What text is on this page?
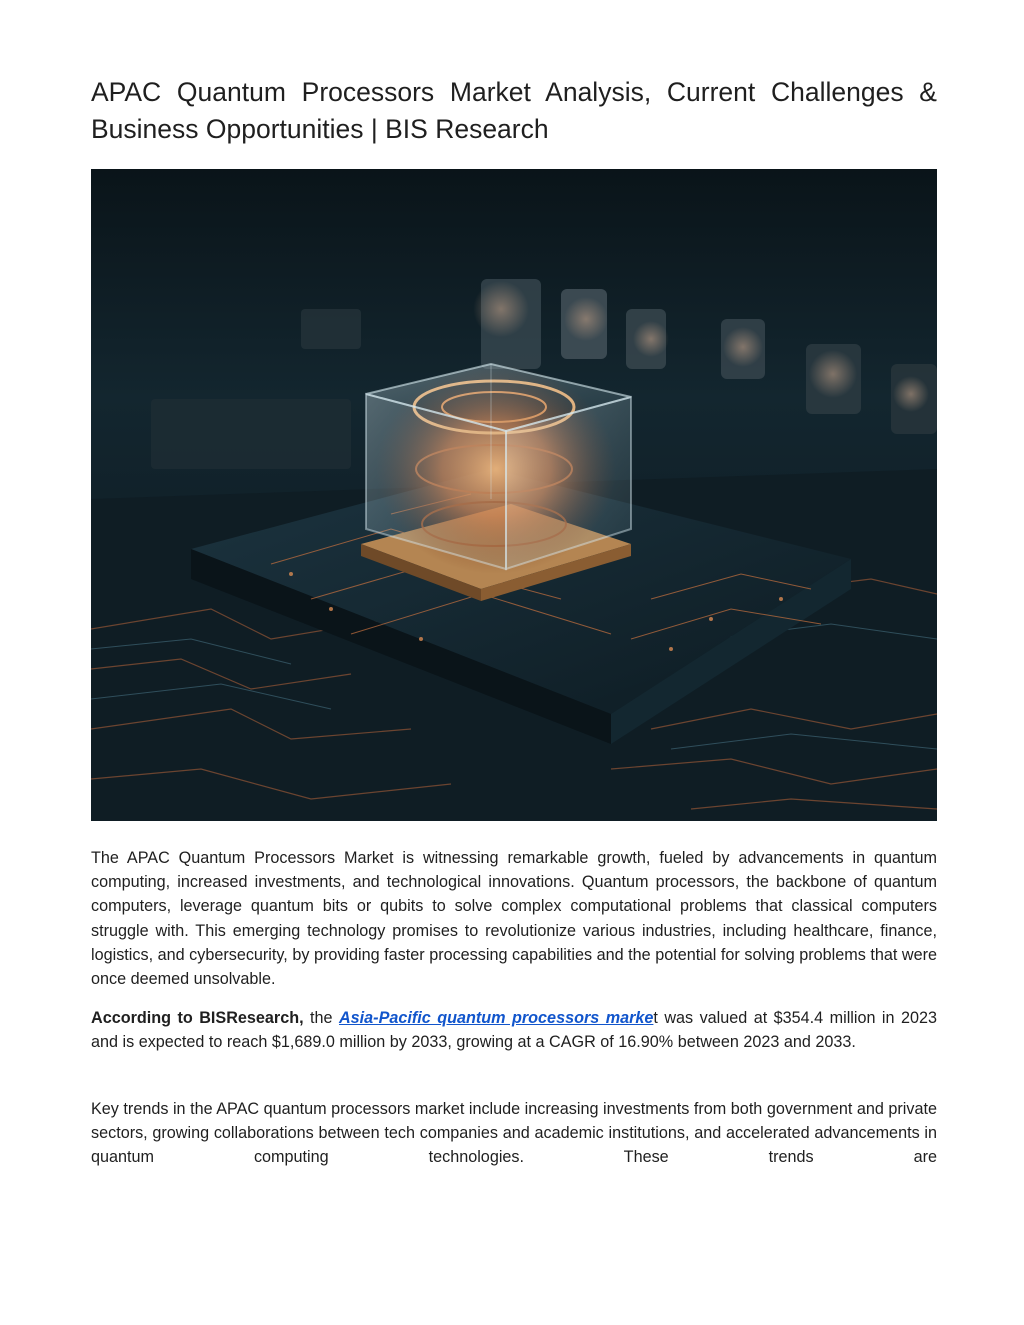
APAC Quantum Processors Market Analysis, Current Challenges & Business Opportunities | BIS Research

The APAC Quantum Processors Market is witnessing remarkable growth, fueled by advancements in quantum computing, increased investments, and technological innovations. Quantum processors, the backbone of quantum computers, leverage quantum bits or qubits to solve complex computational problems that classical computers struggle with. This emerging technology promises to revolutionize various industries, including healthcare, finance, logistics, and cybersecurity, by providing faster processing capabilities and the potential for solving problems that were once deemed unsolvable.

According to BISResearch, the Asia-Pacific quantum processors market was valued at $354.4 million in 2023 and is expected to reach $1,689.0 million by 2033, growing at a CAGR of 16.90% between 2023 and 2033.

Key trends in the APAC quantum processors market include increasing investments from both government and private sectors, growing collaborations between tech companies and academic institutions, and accelerated advancements in quantum computing technologies. These trends are
